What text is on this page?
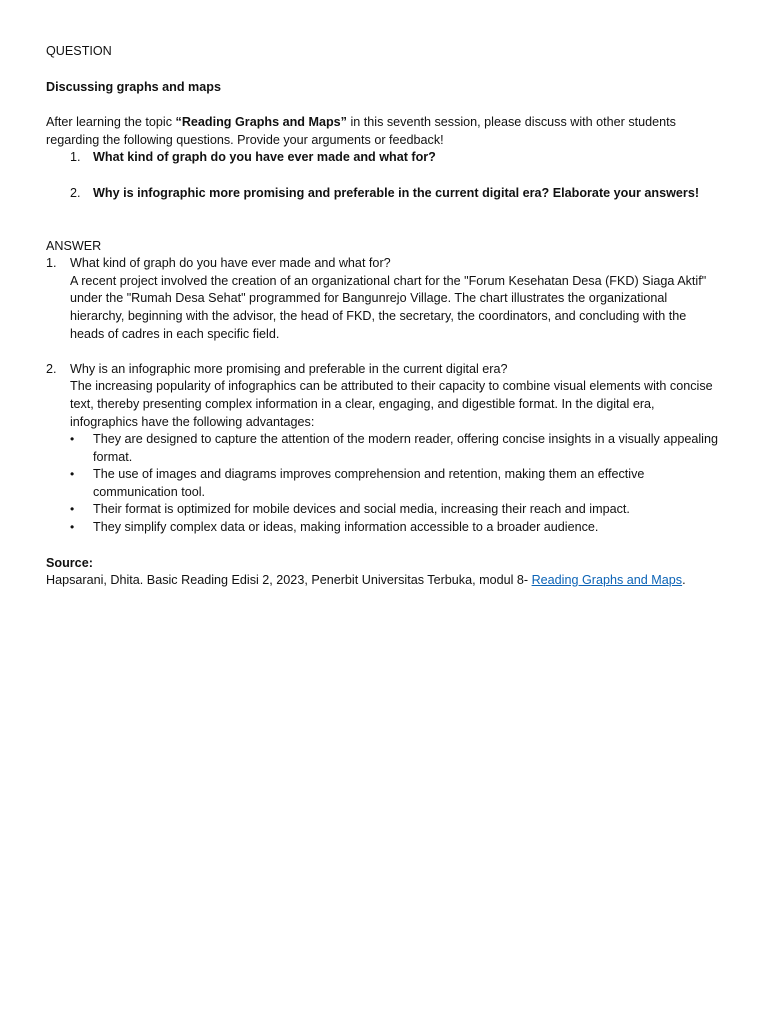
QUESTION

Discussing graphs and maps

After learning the topic “Reading Graphs and Maps” in this seventh session, please discuss with other students regarding the following questions. Provide your arguments or feedback!

1. What kind of graph do you have ever made and what for?
2. Why is infographic more promising and preferable in the current digital era? Elaborate your answers!

ANSWER

1. What kind of graph do you have ever made and what for?
A recent project involved the creation of an organizational chart for the "Forum Kesehatan Desa (FKD) Siaga Aktif" under the "Rumah Desa Sehat" programmed for Bangunrejo Village. The chart illustrates the organizational hierarchy, beginning with the advisor, the head of FKD, the secretary, the coordinators, and concluding with the heads of cadres in each specific field.
2. Why is an infographic more promising and preferable in the current digital era?
The increasing popularity of infographics can be attributed to their capacity to combine visual elements with concise text, thereby presenting complex information in a clear, engaging, and digestible format. In the digital era, infographics have the following advantages:
• They are designed to capture the attention of the modern reader, offering concise insights in a visually appealing format.
• The use of images and diagrams improves comprehension and retention, making them an effective communication tool.
• Their format is optimized for mobile devices and social media, increasing their reach and impact.
• They simplify complex data or ideas, making information accessible to a broader audience.

Source:

Hapsarani, Dhita. Basic Reading Edisi 2, 2023, Penerbit Universitas Terbuka, modul 8- Reading Graphs and Maps.
